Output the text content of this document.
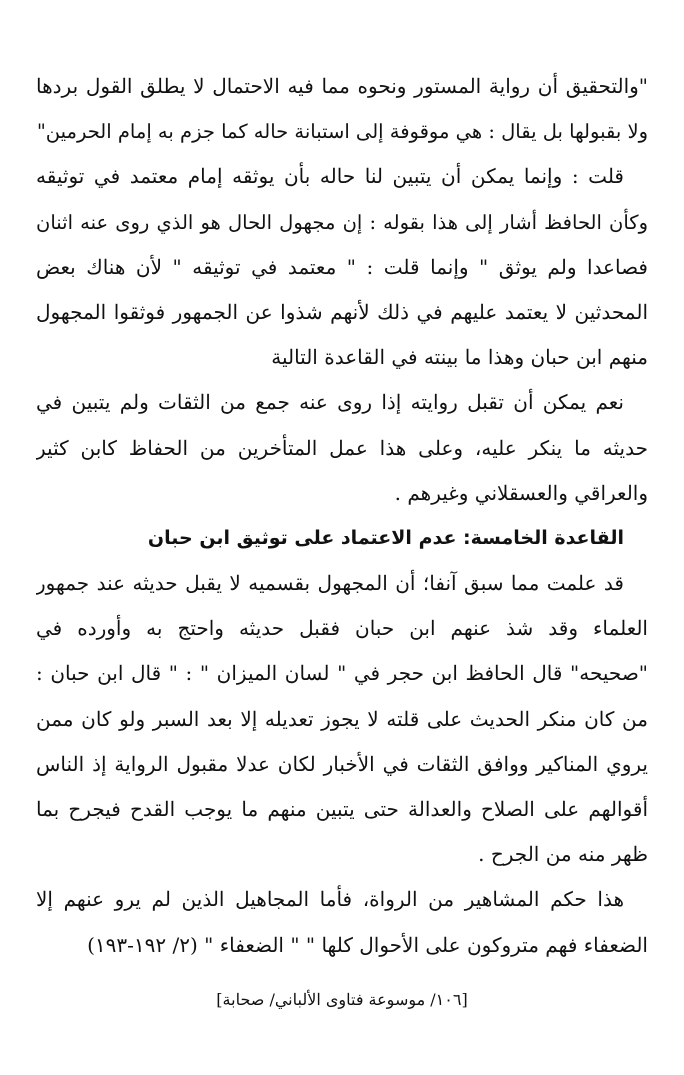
"والتحقيق أن رواية المستور ونحوه مما فيه الاحتمال لا يطلق القول بردها
ولا بقبولها بل يقال : هي موقوفة إلى استبانة حاله كما جزم به إمام الحرمين"
قلت : وإنما يمكن أن يتبين لنا حاله بأن يوثقه إمام معتمد في توثيقه
وكأن الحافظ أشار إلى هذا بقوله : إن مجهول الحال هو الذي روى عنه اثنان
فصاعدا ولم يوثق " وإنما قلت : " معتمد في توثيقه " لأن هناك بعض
المحدثين لا يعتمد عليهم في ذلك لأنهم شذوا عن الجمهور فوثقوا المجهول
منهم ابن حبان وهذا ما بينته في القاعدة التالية
نعم يمكن أن تقبل روايته إذا روى عنه جمع من الثقات ولم يتبين في
حديثه ما ينكر عليه، وعلى هذا عمل المتأخرين من الحفاظ كابن كثير
والعراقي والعسقلاني وغيرهم .
القاعدة الخامسة: عدم الاعتماد على توثيق ابن حبان
قد علمت مما سبق آنفا؛ أن المجهول بقسميه لا يقبل حديثه عند جمهور
العلماء وقد شذ عنهم ابن حبان فقبل حديثه واحتج به وأورده في
"صحيحه" قال الحافظ ابن حجر في " لسان الميزان " : " قال ابن حبان :
من كان منكر الحديث على قلته لا يجوز تعديله إلا بعد السبر ولو كان ممن
يروي المناكير ووافق الثقات في الأخبار لكان عدلا مقبول الرواية إذ الناس
أقوالهم على الصلاح والعدالة حتى يتبين منهم ما يوجب القدح فيجرح بما
ظهر منه من الجرح .
هذا حكم المشاهير من الرواة، فأما المجاهيل الذين لم يرو عنهم إلا
الضعفاء فهم متروكون على الأحوال كلها " " الضعفاء " (٢/ ١٩٢-١٩٣)
[١٠٦/ موسوعة فتاوى الألباني/ صحابة]
